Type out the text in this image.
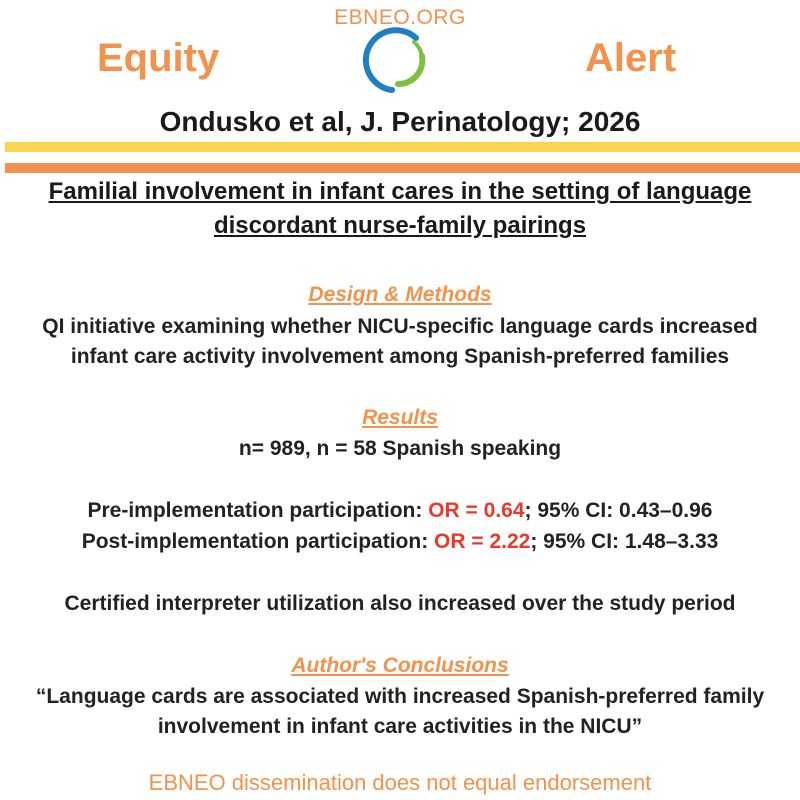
EBNEO.ORG
Equity	Alert
Ondusko et al, J. Perinatology; 2026
Familial involvement in infant cares in the setting of language
discordant nurse-family pairings
Design & Methods
QI initiative examining whether NICU-specific language cards increased
infant care activity involvement among Spanish-preferred families
Results
n= 989, n = 58 Spanish speaking
Pre-implementation participation: OR = 0.64; 95% CI: 0.43–0.96
Post-implementation participation: OR = 2.22; 95% CI: 1.48–3.33
Certified interpreter utilization also increased over the study period
Author's Conclusions
“Language cards are associated with increased Spanish-preferred family
involvement in infant care activities in the NICU”
EBNEO dissemination does not equal endorsement
